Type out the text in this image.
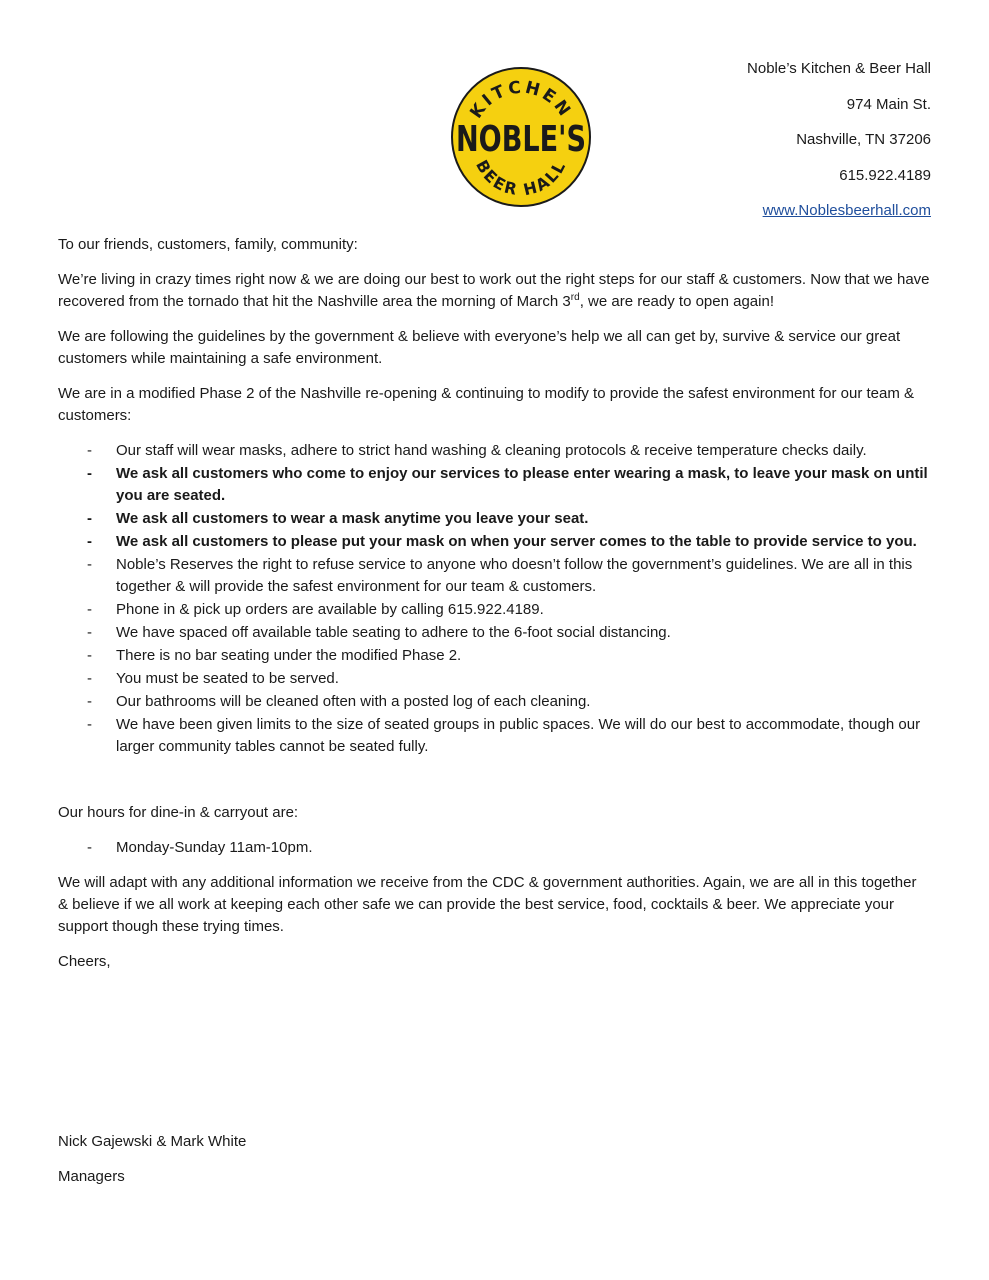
KITCHEN
NOBLE'S
BEER HALL
Noble’s Kitchen & Beer Hall
974 Main St.
Nashville, TN 37206
615.922.4189
www.Noblesbeerhall.com

To our friends, customers, family, community:

We’re living in crazy times right now & we are doing our best to work out the right steps for our staff & customers. Now that we have recovered from the tornado that hit the Nashville area the morning of March 3rd, we are ready to open again!

We are following the guidelines by the government & believe with everyone’s help we all can get by, survive & service our great customers while maintaining a safe environment.

We are in a modified Phase 2 of the Nashville re-opening & continuing to modify to provide the safest environment for our team & customers:

- Our staff will wear masks, adhere to strict hand washing & cleaning protocols & receive temperature checks daily.
- We ask all customers who come to enjoy our services to please enter wearing a mask, to leave your mask on until you are seated.
- We ask all customers to wear a mask anytime you leave your seat.
- We ask all customers to please put your mask on when your server comes to the table to provide service to you.
- Noble’s Reserves the right to refuse service to anyone who doesn’t follow the government’s guidelines. We are all in this together & will provide the safest environment for our team & customers.
- Phone in & pick up orders are available by calling 615.922.4189.
- We have spaced off available table seating to adhere to the 6-foot social distancing.
- There is no bar seating under the modified Phase 2.
- You must be seated to be served.
- Our bathrooms will be cleaned often with a posted log of each cleaning.
- We have been given limits to the size of seated groups in public spaces. We will do our best to accommodate, though our larger community tables cannot be seated fully.

Our hours for dine-in & carryout are:

- Monday-Sunday 11am-10pm.

We will adapt with any additional information we receive from the CDC & government authorities. Again, we are all in this together & believe if we all work at keeping each other safe we can provide the best service, food, cocktails & beer. We appreciate your support though these trying times.

Cheers,

Nick Gajewski & Mark White
Managers
